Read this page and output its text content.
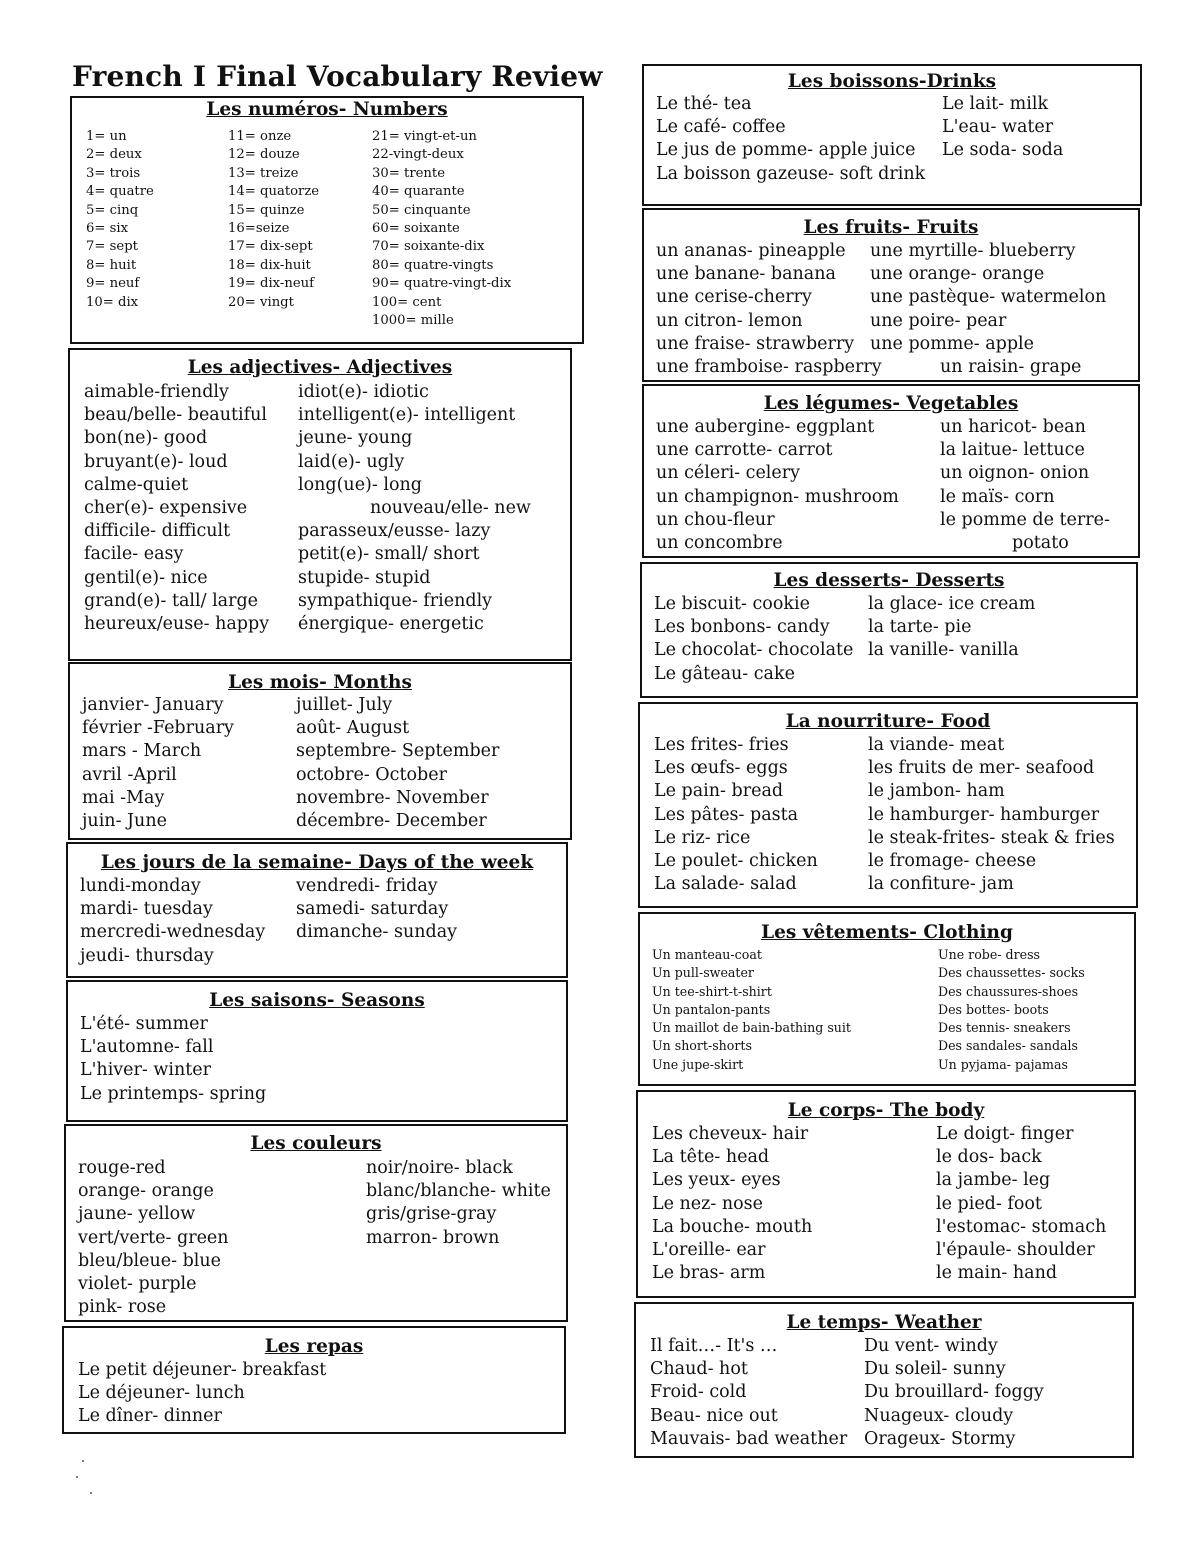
French I Final Vocabulary Review
Les numéros- Numbers
1= un
2= deux
3= trois
4= quatre
5= cinq
6= six
7= sept
8= huit
9= neuf
10= dix
11= onze
12= douze
13= treize
14= quatorze
15= quinze
16=seize
17= dix-sept
18= dix-huit
19= dix-neuf
20= vingt
21= vingt-et-un
22-vingt-deux
30= trente
40= quarante
50= cinquante
60= soixante
70= soixante-dix
80= quatre-vingts
90= quatre-vingt-dix
100= cent
1000= mille
Les adjectives- Adjectives
aimable-friendly
beau/belle- beautiful
bon(ne)- good
bruyant(e)- loud
calme-quiet
cher(e)- expensive
difficile- difficult
facile- easy
gentil(e)- nice
grand(e)- tall/ large
heureux/euse- happy
idiot(e)- idiotic
intelligent(e)- intelligent
jeune- young
laid(e)- ugly
long(ue)- long
nouveau/elle- new
parasseux/eusse- lazy
petit(e)- small/ short
stupide- stupid
sympathique- friendly
énergique- energetic
Les mois- Months
janvier- January
février -February
mars - March
avril -April
mai -May
juin- June
juillet- July
août- August
septembre- September
octobre- October
novembre- November
décembre- December
Les jours de la semaine- Days of the week
lundi-monday
mardi- tuesday
mercredi-wednesday
jeudi- thursday
vendredi- friday
samedi- saturday
dimanche- sunday
Les saisons- Seasons
L'été- summer
L'automne- fall
L'hiver- winter
Le printemps- spring
Les couleurs
rouge-red
orange- orange
jaune- yellow
vert/verte- green
bleu/bleue- blue
violet- purple
pink- rose
noir/noire- black
blanc/blanche- white
gris/grise-gray
marron- brown
Les repas
Le petit déjeuner- breakfast
Le déjeuner- lunch
Le dîner- dinner
Les boissons-Drinks
Le thé- tea
Le café- coffee
Le jus de pomme- apple juice
La boisson gazeuse- soft drink
Le lait- milk
L'eau- water
Le soda- soda
Les fruits- Fruits
un ananas- pineapple
une banane- banana
une cerise-cherry
un citron- lemon
une fraise- strawberry
une framboise- raspberry
une myrtille- blueberry
une orange- orange
une pastèque- watermelon
une poire- pear
une pomme- apple
un raisin- grape
Les légumes- Vegetables
une aubergine- eggplant
une carrotte- carrot
un céleri- celery
un champignon- mushroom
un chou-fleur
un concombre
un haricot- bean
la laitue- lettuce
un oignon- onion
le maïs- corn
le pomme de terre-
potato
Les desserts- Desserts
Le biscuit- cookie
Les bonbons- candy
Le chocolat- chocolate
Le gâteau- cake
la glace- ice cream
la tarte- pie
la vanille- vanilla
La nourriture- Food
Les frites- fries
Les œufs- eggs
Le pain- bread
Les pâtes- pasta
Le riz- rice
Le poulet- chicken
La salade- salad
la viande- meat
les fruits de mer- seafood
le jambon- ham
le hamburger- hamburger
le steak-frites- steak & fries
le fromage- cheese
la confiture- jam
Les vêtements- Clothing
Un manteau-coat
Un pull-sweater
Un tee-shirt-t-shirt
Un pantalon-pants
Un maillot de bain-bathing suit
Un short-shorts
Une jupe-skirt
Une robe- dress
Des chaussettes- socks
Des chaussures-shoes
Des bottes- boots
Des tennis- sneakers
Des sandales- sandals
Un pyjama- pajamas
Le corps- The body
Les cheveux- hair
La tête- head
Les yeux- eyes
Le nez- nose
La bouche- mouth
L'oreille- ear
Le bras- arm
Le doigt- finger
le dos- back
la jambe- leg
le pied- foot
l'estomac- stomach
l'épaule- shoulder
le main- hand
Le temps- Weather
Il fait…- It's …
Chaud- hot
Froid- cold
Beau- nice out
Mauvais- bad weather
Du vent- windy
Du soleil- sunny
Du brouillard- foggy
Nuageux- cloudy
Orageux- Stormy
